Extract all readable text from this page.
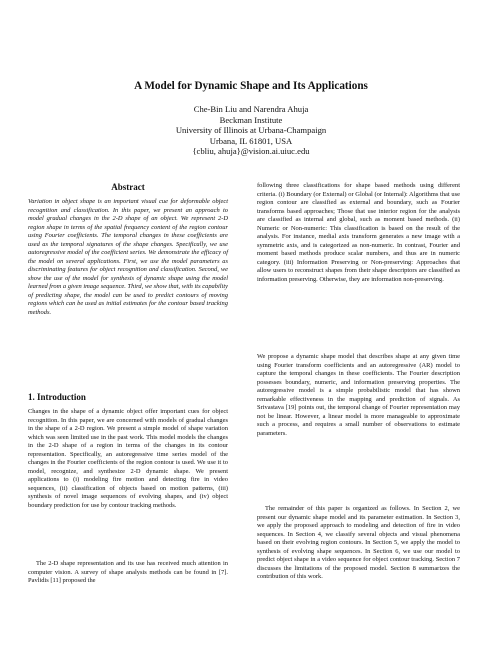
A Model for Dynamic Shape and Its Applications
Che-Bin Liu and Narendra Ahuja
Beckman Institute
University of Illinois at Urbana-Champaign
Urbana, IL 61801, USA
{cbliu, ahuja}@vision.ai.uiuc.edu
Abstract

Variation in object shape is an important visual cue for deformable object recognition and classification. In this paper, we present an approach to model gradual changes in the 2-D shape of an object. We represent 2-D region shape in terms of the spatial frequency content of the region contour using Fourier coefficients. The temporal changes in these coefficients are used as the temporal signatures of the shape changes. Specifically, we use autoregressive model of the coefficient series. We demonstrate the efficacy of the model on several applications. First, we use the model parameters as discriminating features for object recognition and classification. Second, we show the use of the model for synthesis of dynamic shape using the model learned from a given image sequence. Third, we show that, with its capability of predicting shape, the model can be used to predict contours of moving regions which can be used as initial estimates for the contour based tracking methods.

1. Introduction

Changes in the shape of a dynamic object offer important cues for object recognition. In this paper, we are concerned with models of gradual changes in the shape of a 2-D region. We present a simple model of shape variation which was seen limited use in the past work. This model models the changes in the 2-D shape of a region in terms of the changes in its contour representation. Specifically, an autoregressive time series model of the changes in the Fourier coefficients of the region contour is used. We use it to model, recognize, and synthesize 2-D dynamic shape. We present applications to (i) modeling fire motion and detecting fire in video sequences, (ii) classification of objects based on motion patterns, (iii) synthesis of novel image sequences of evolving shapes, and (iv) object boundary prediction for use by contour tracking methods.

The 2-D shape representation and its use has received much attention in computer vision. A survey of shape analysis methods can be found in [7]. Pavlidis [11] proposed the

following three classifications for shape based methods using different criteria. (i) Boundary (or External) or Global (or Internal): Algorithms that use region contour are classified as external and boundary, such as Fourier transforms based approaches; Those that use interior region for the analysis are classified as internal and global, such as moment based methods. (ii) Numeric or Non-numeric: This classification is based on the result of the analysis. For instance, medial axis transform generates a new image with a symmetric axis, and is categorized as non-numeric. In contrast, Fourier and moment based methods produce scalar numbers, and thus are in numeric category. (iii) Information Preserving or Non-preserving: Approaches that allow users to reconstruct shapes from their shape descriptors are classified as information preserving. Otherwise, they are information non-preserving.

We propose a dynamic shape model that describes shape at any given time using Fourier transform coefficients and an autoregressive (AR) model to capture the temporal changes in these coefficients. The Fourier description possesses boundary, numeric, and information preserving properties. The autoregressive model is a simple probabilistic model that has shown remarkable effectiveness in the mapping and prediction of signals. As Srivastava [19] points out, the temporal change of Fourier representation may not be linear. However, a linear model is more manageable to approximate such a process, and requires a small number of observations to estimate parameters.

The remainder of this paper is organized as follows. In Section 2, we present our dynamic shape model and its parameter estimation. In Section 3, we apply the proposed approach to modeling and detection of fire in video sequences. In Section 4, we classify several objects and visual phenomena based on their evolving region contours. In Section 5, we apply the model to synthesis of evolving shape sequences. In Section 6, we use our model to predict object shape in a video sequence for object contour tracking. Section 7 discusses the limitations of the proposed model. Section 8 summarizes the contribution of this work.
